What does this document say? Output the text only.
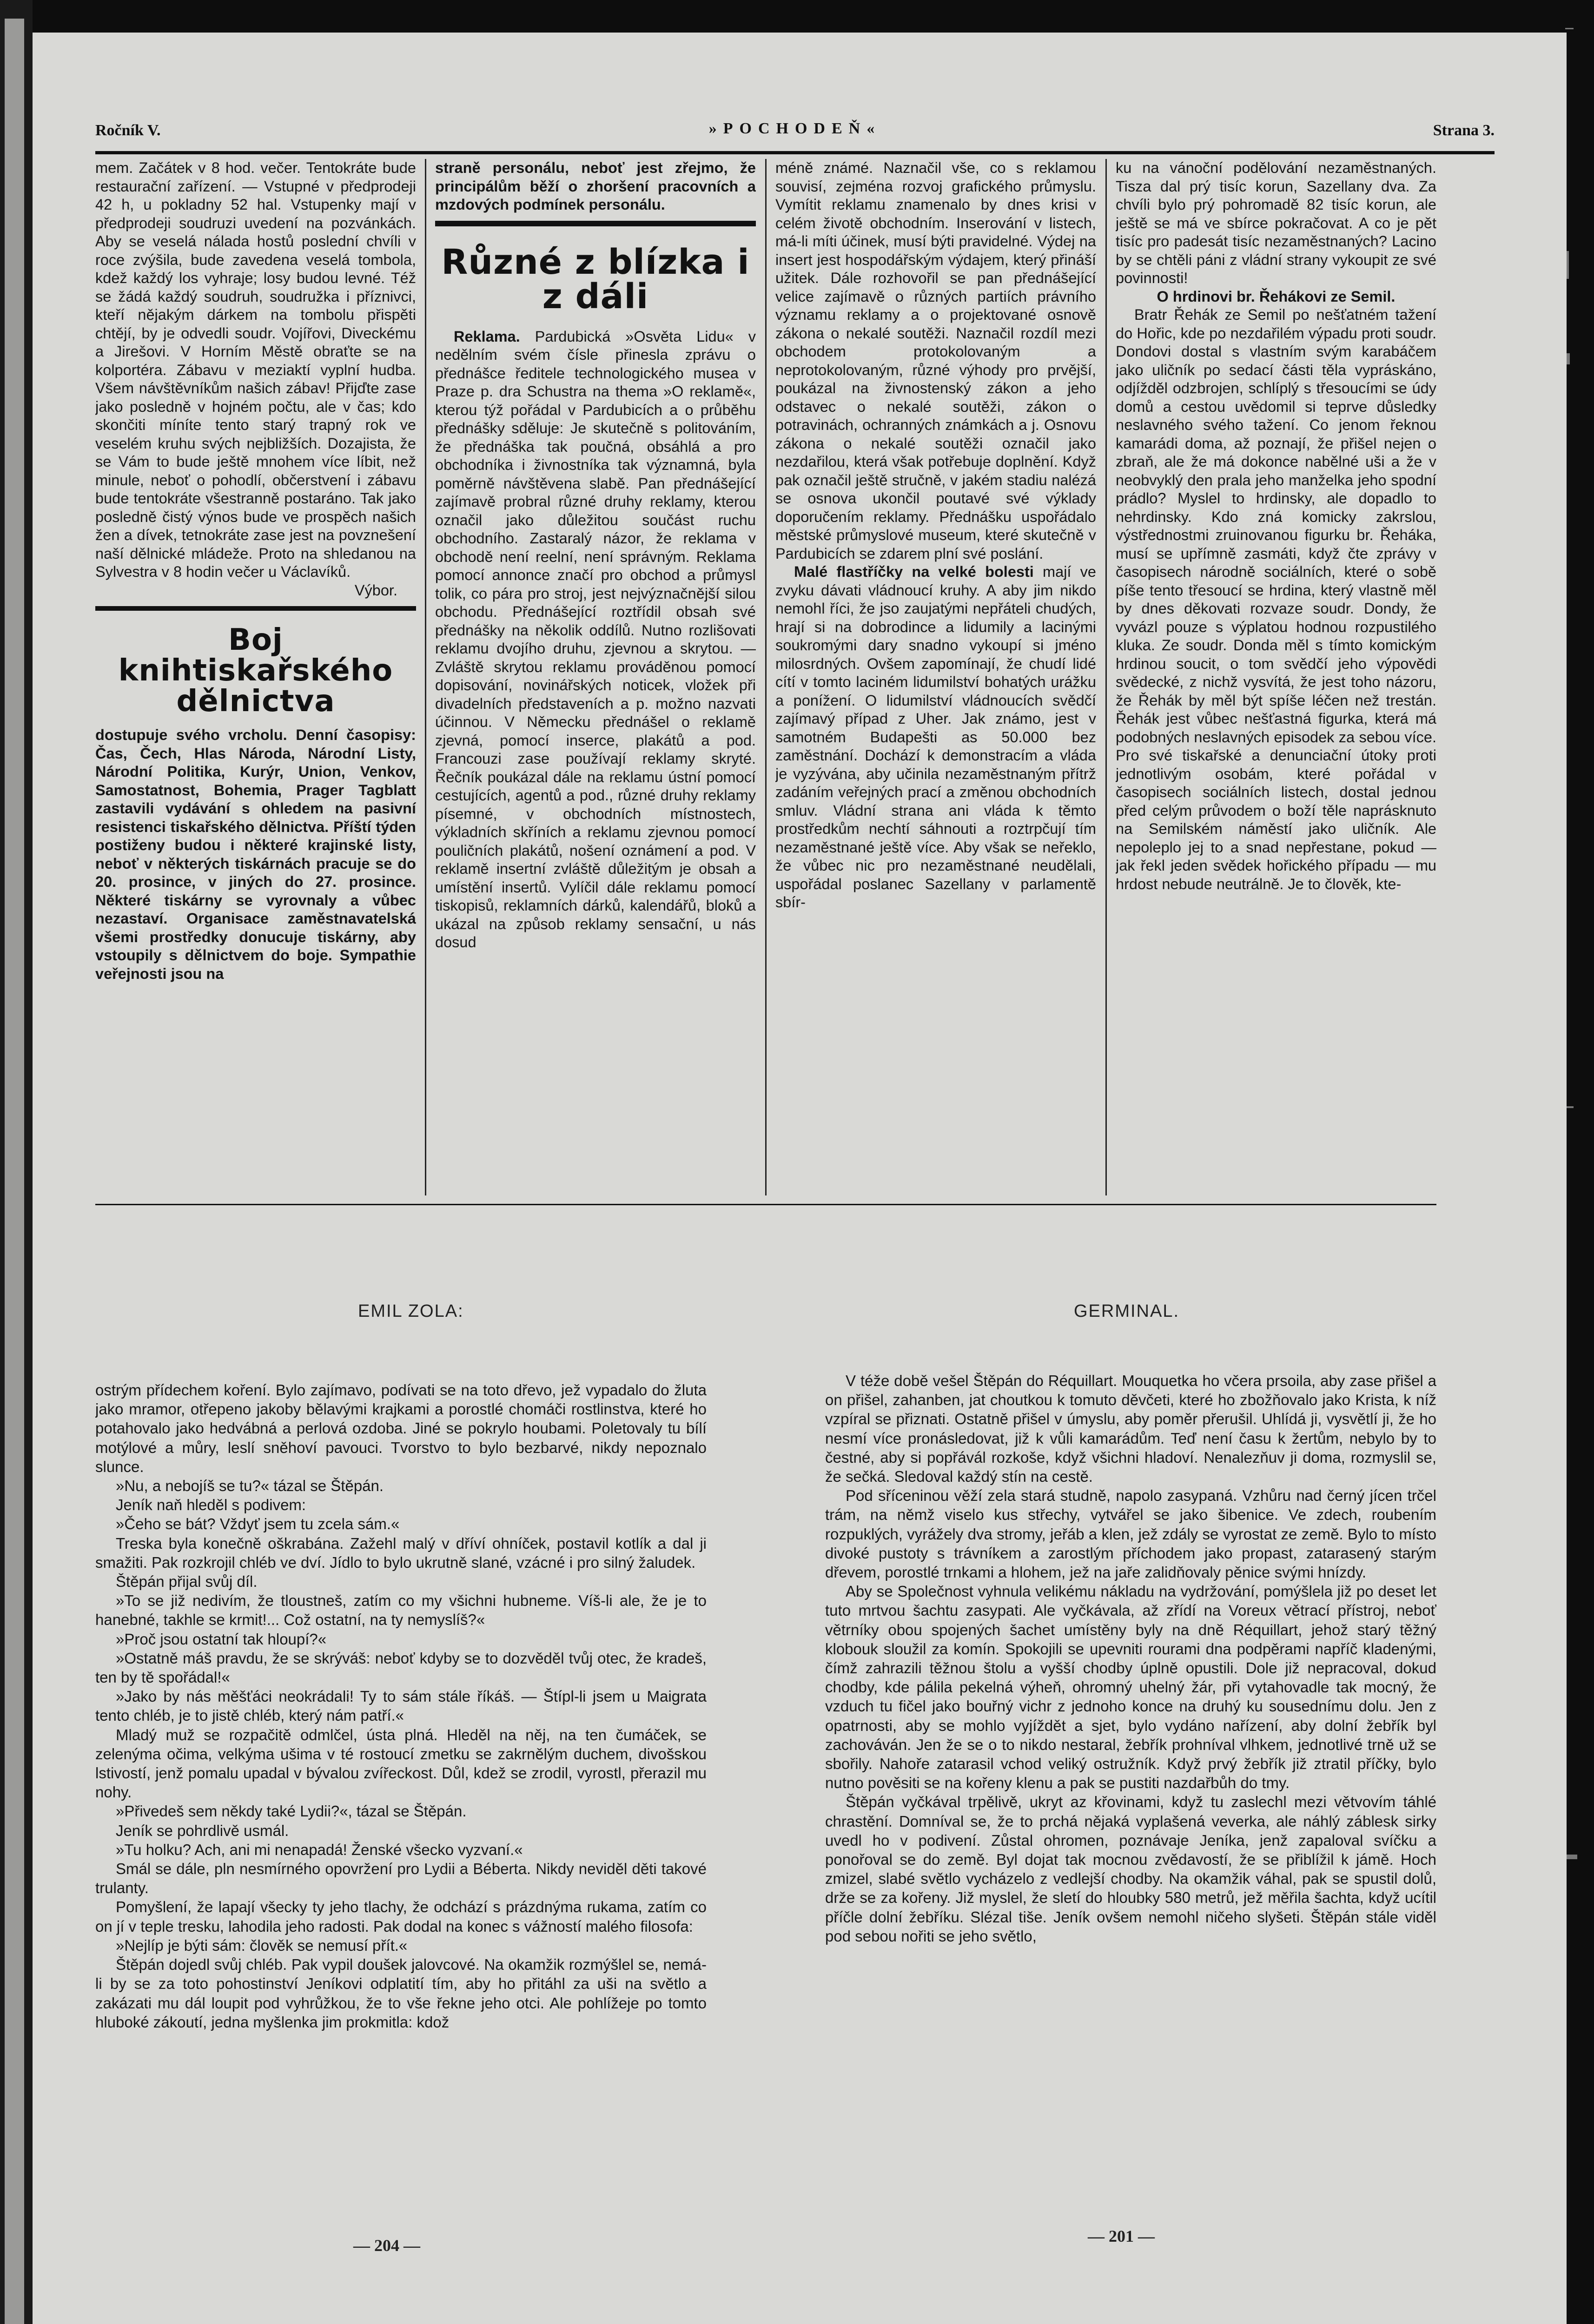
Ročník V.	»POCHODEŇ«	Strana 3.

mem. Začátek v 8 hod. večer. Tentokráte bude restaurační zařízení. — Vstupné v předprodeji 42 h, u pokladny 52 hal. Vstupenky mají v předprodeji soudruzi uvedení na pozvánkách. Aby se veselá nálada hostů poslední chvíli v roce zvýšila, bude zavedena veselá tombola, kdež každý los vyhraje; losy budou levné. Též se žádá každý soudruh, soudružka i příznivci, kteří nějakým dárkem na tombolu přispěti chtějí, by je odvedli soudr. Vojířovi, Diveckému a Jirešovi. V Horním Městě obraťte se na kolportéra. Zábavu v meziaktí vyplní hudba. Všem návštěvníkům našich zábav! Přijďte zase jako posledně v hojném počtu, ale v čas; kdo skončiti míníte tento starý trapný rok ve veselém kruhu svých nejbližších. Dozajista, že se Vám to bude ještě mnohem více líbit, než minule, neboť o pohodlí, občerstvení i zábavu bude tentokráte všestranně postaráno. Tak jako posledně čistý výnos bude ve prospěch našich žen a dívek, tetnokráte zase jest na povznešení naší dělnické mládeže. Proto na shledanou na Sylvestra v 8 hodin večer u Václavíků.

Výbor.

Boj knihtiskařského dělnictva

dostupuje svého vrcholu. Denní časopisy: Čas, Čech, Hlas Národa, Národní Listy, Národní Politika, Kurýr, Union, Venkov, Samostatnost, Bohemia, Prager Tagblatt zastavili vydávání s ohledem na pasivní resistenci tiskařského dělnictva. Příští týden postiženy budou i některé krajinské listy, neboť v některých tiskárnách pracuje se do 20. prosince, v jiných do 27. prosince. Některé tiskárny se vyrovnaly a vůbec nezastaví. Organisace zaměstnavatelská všemi prostředky donucuje tiskárny, aby vstoupily s dělnictvem do boje. Sympathie veřejnosti jsou na

straně personálu, neboť jest zřejmo, že principálům běží o zhoršení pracovních a mzdových podmínek personálu.

Různé z blízka i z dáli

Reklama. Pardubická »Osvěta Lidu« v nedělním svém čísle přinesla zprávu o přednášce ředitele technologického musea v Praze p. dra Schustra na thema »O reklamě«, kterou týž pořádal v Pardubicích a o průběhu přednášky sděluje: Je skutečně s politováním, že přednáška tak poučná, obsáhlá a pro obchodníka i živnostníka tak významná, byla poměrně návštěvena slabě. Pan přednášející zajímavě probral různé druhy reklamy, kterou označil jako důležitou součást ruchu obchodního. Zastaralý názor, že reklama v obchodě není reelní, není správným. Reklama pomocí annonce značí pro obchod a průmysl tolik, co pára pro stroj, jest nejvýznačnější silou obchodu. Přednášející roztřídil obsah své přednášky na několik oddílů. Nutno rozlišovati reklamu dvojího druhu, zjevnou a skrytou. — Zvláště skrytou reklamu prováděnou pomocí dopisování, novinářských noticek, vložek při divadelních představeních a p. možno nazvati účinnou. V Německu přednášel o reklamě zjevná, pomocí inserce, plakátů a pod. Francouzi zase používají reklamy skryté. Řečník poukázal dále na reklamu ústní pomocí cestujících, agentů a pod., různé druhy reklamy písemné, v obchodních místnostech, výkladních skříních a reklamu zjevnou pomocí pouličních plakátů, nošení oznámení a pod. V reklamě insertní zvláště důležitým je obsah a umístění insertů. Vylíčil dále reklamu pomocí tiskopisů, reklamních dárků, kalendářů, bloků a ukázal na způsob reklamy sensační, u nás dosud

méně známé. Naznačil vše, co s reklamou souvisí, zejména rozvoj grafického průmyslu. Vymítit reklamu znamenalo by dnes krisi v celém životě obchodním. Inserování v listech, má-li míti účinek, musí býti pravidelné. Výdej na insert jest hospodářským výdajem, který přináší užitek. Dále rozhovořil se pan přednášející velice zajímavě o různých partiích právního významu reklamy a o projektované osnově zákona o nekalé soutěži. Naznačil rozdíl mezi obchodem protokolovaným a neprotokolovaným, různé výhody pro prvější, poukázal na živnostenský zákon a jeho odstavec o nekalé soutěži, zákon o potravinách, ochranných známkách a j. Osnovu zákona o nekalé soutěži označil jako nezdařilou, která však potřebuje doplnění. Když pak označil ještě stručně, v jakém stadiu nalézá se osnova ukončil poutavé své výklady doporučením reklamy. Přednášku uspořádalo městské průmyslové museum, které skutečně v Pardubicích se zdarem plní své poslání.

Malé flastříčky na velké bolesti mají ve zvyku dávati vládnoucí kruhy. A aby jim nikdo nemohl říci, že jso zaujatými nepřáteli chudých, hrají si na dobrodince a lidumily a lacinými soukromými dary snadno vykoupí si jméno milosrdných. Ovšem zapomínají, že chudí lidé cítí v tomto laciném lidumilství bohatých urážku a ponížení. O lidumilství vládnoucích svědčí zajímavý případ z Uher. Jak známo, jest v samotném Budapešti as 50.000 bez zaměstnání. Dochází k demonstracím a vláda je vyzývána, aby učinila nezaměstnaným přítrž zadáním veřejných prací a změnou obchodních smluv. Vládní strana ani vláda k těmto prostředkům nechtí sáhnouti a roztrpčují tím nezaměstnané ještě více. Aby však se neřeklo, že vůbec nic pro nezaměstnané neudělali, uspořádal poslanec Sazellany v parlamentě sbír-

ku na vánoční podělování nezaměstnaných. Tisza dal prý tisíc korun, Sazellany dva. Za chvíli bylo prý pohromadě 82 tisíc korun, ale ještě se má ve sbírce pokračovat. A co je pět tisíc pro padesát tisíc nezaměstnaných? Lacino by se chtěli páni z vládní strany vykoupit ze své povinnosti!

O hrdinovi br. Řehákovi ze Semil.

Bratr Řehák ze Semil po nešťatném tažení do Hořic, kde po nezdařilém výpadu proti soudr. Dondovi dostal s vlastním svým karabáčem jako uličník po sedací části těla vypráskáno, odjížděl odzbrojen, schlíplý s třesoucími se údy domů a cestou uvědomil si teprve důsledky neslavného svého tažení. Co jenom řeknou kamarádi doma, až poznají, že přišel nejen o zbraň, ale že má dokonce nabělné uši a že v neobvyklý den prala jeho manželka jeho spodní prádlo? Myslel to hrdinsky, ale dopadlo to nehrdinsky. Kdo zná komicky zakrslou, výstřednostmi zruinovanou figurku br. Řeháka, musí se upřímně zasmáti, když čte zprávy v časopisech národně sociálních, které o sobě píše tento třesoucí se hrdina, který vlastně měl by dnes děkovati rozvaze soudr. Dondy, že vyvázl pouze s výplatou hodnou rozpustilého kluka. Ze soudr. Donda měl s tímto komickým hrdinou soucit, o tom svědčí jeho výpovědi svědecké, z nichž vysvítá, že jest toho názoru, že Řehák by měl být spíše léčen než trestán. Řehák jest vůbec nešťastná figurka, která má podobných neslavných episodek za sebou více. Pro své tiskařské a denunciační útoky proti jednotlivým osobám, které pořádal v časopisech sociálních listech, dostal jednou před celým průvodem o boží těle naprásknuto na Semilském náměstí jako uličník. Ale nepoleplo jej to a snad nepřestane, pokud — jak řekl jeden svědek hořického případu — mu hrdost nebude neutrálně. Je to člověk, kte-

EMIL ZOLA:	GERMINAL.

ostrým přídechem koření. Bylo zajímavo, podívati se na toto dřevo, jež vypadalo do žluta jako mramor, otřepeno jakoby bělavými krajkami a porostlé chomáči rostlinstva, které ho potahovalo jako hedvábná a perlová ozdoba. Jiné se pokrylo houbami. Poletovaly tu bílí motýlové a můry, leslí sněhoví pavouci. Tvorstvo to bylo bezbarvé, nikdy nepoznalo slunce.

»Nu, a nebojíš se tu?« tázal se Štěpán.

Jeník naň hleděl s podivem:

»Čeho se bát? Vždyť jsem tu zcela sám.«

Treska byla konečně oškrabána. Zažehl malý v dříví ohníček, postavil kotlík a dal ji smažiti. Pak rozkrojil chléb ve dví. Jídlo to bylo ukrutně slané, vzácné i pro silný žaludek.

Štěpán přijal svůj díl.

»To se již nedivím, že tloustneš, zatím co my všichni hubneme. Víš-li ale, že je to hanebné, takhle se krmit!... Což ostatní, na ty nemyslíš?«

»Proč jsou ostatní tak hloupí?«

»Ostatně máš pravdu, že se skrýváš: neboť kdyby se to dozvěděl tvůj otec, že kradeš, ten by tě spořádal!«

»Jako by nás měšťáci neokrádali! Ty to sám stále říkáš. — Štípl-li jsem u Maigrata tento chléb, je to jistě chléb, který nám patří.«

Mladý muž se rozpačitě odmlčel, ústa plná. Hleděl na něj, na ten čumáček, se zelenýma očima, velkýma ušima v té rostoucí zmetku se zakrnělým duchem, divošskou lstivostí, jenž pomalu upadal v bývalou zvířeckost. Důl, kdež se zrodil, vyrostl, přerazil mu nohy.

»Přivedeš sem někdy také Lydii?«, tázal se Štěpán.

Jeník se pohrdlivě usmál.

»Tu holku? Ach, ani mi nenapadá! Ženské všecko vyzvaní.«

Smál se dále, pln nesmírného opovržení pro Lydii a Béberta. Nikdy neviděl děti takové trulanty.

Pomyšlení, že lapají všecky ty jeho tlachy, že odchází s prázdnýma rukama, zatím co on jí v teple tresku, lahodila jeho radosti. Pak dodal na konec s vážností malého filosofa:

»Nejlíp je býti sám: člověk se nemusí přít.«

Štěpán dojedl svůj chléb. Pak vypil doušek jalovcové. Na okamžik rozmýšlel se, nemá-li by se za toto pohostinství Jeníkovi odplatití tím, aby ho přitáhl za uši na světlo a zakázati mu dál loupit pod vyhrůžkou, že to vše řekne jeho otci. Ale pohlížeje po tomto hluboké zákoutí, jedna myšlenka jim prokmitla: kdož

V téže době vešel Štěpán do Réquillart. Mouquetka ho včera prsoila, aby zase přišel a on přišel, zahanben, jat choutkou k tomuto děvčeti, které ho zbožňovalo jako Krista, k níž vzpíral se přiznati. Ostatně přišel v úmyslu, aby poměr přerušil. Uhlídá ji, vysvětlí ji, že ho nesmí více pronásledovat, již k vůli kamarádům. Teď není času k žertům, nebylo by to čestné, aby si popřávál rozkoše, když všichni hladoví. Nenalezňuv ji doma, rozmyslil se, že sečká. Sledoval každý stín na cestě.

Pod sříceninou věží zela stará studně, napolo zasypaná. Vzhůru nad černý jícen trčel trám, na němž viselo kus střechy, vytvářel se jako šibenice. Ve zdech, roubením rozpuklých, vyrážely dva stromy, jeřáb a klen, jež zdály se vyrostat ze země. Bylo to místo divoké pustoty s trávníkem a zarostlým příchodem jako propast, zatarasený starým dřevem, porostlé trnkami a hlohem, jež na jaře zalidňovaly pěnice svými hnízdy.

Aby se Společnost vyhnula velikému nákladu na vydržování, pomýšlela již po deset let tuto mrtvou šachtu zasypati. Ale vyčkávala, až zřídí na Voreux větrací přístroj, neboť větrníky obou spojených šachet umístěny byly na dně Réquillart, jehož starý těžný klobouk sloužil za komín. Spokojili se upevniti rourami dna podpěrami napříč kladenými, čímž zahrazili těžnou štolu a vyšší chodby úplně opustili. Dole již nepracoval, dokud chodby, kde pálila pekelná výheň, ohromný uhelný žár, při vytahovadle tak mocný, že vzduch tu fičel jako bouřný vichr z jednoho konce na druhý ku sousednímu dolu. Jen z opatrnosti, aby se mohlo vyjíždět a sjet, bylo vydáno nařízení, aby dolní žebřík byl zachováván. Jen že se o to nikdo nestaral, žebřík prohníval vlhkem, jednotlivé trně už se sbořily. Nahoře zatarasil vchod veliký ostružník. Když prvý žebřík již ztratil příčky, bylo nutno pověsiti se na kořeny klenu a pak se pustiti nazdařbůh do tmy.

Štěpán vyčkával trpělivě, ukryt az křovinami, když tu zaslechl mezi větvovím táhlé chrastění. Domníval se, že to prchá nějaká vyplašená veverka, ale náhlý záblesk sirky uvedl ho v podivení. Zůstal ohromen, poznávaje Jeníka, jenž zapaloval svíčku a ponořoval se do země. Byl dojat tak mocnou zvědavostí, že se přiblížil k jámě. Hoch zmizel, slabé světlo vycházelo z vedlejší chodby. Na okamžik váhal, pak se spustil dolů, drže se za kořeny. Již myslel, že sletí do hloubky 580 metrů, jež měřila šachta, když ucítil příčle dolní žebříku. Slézal tiše. Jeník ovšem nemohl ničeho slyšeti. Štěpán stále viděl pod sebou nořiti se jeho světlo,

— 204 —	— 201 —
